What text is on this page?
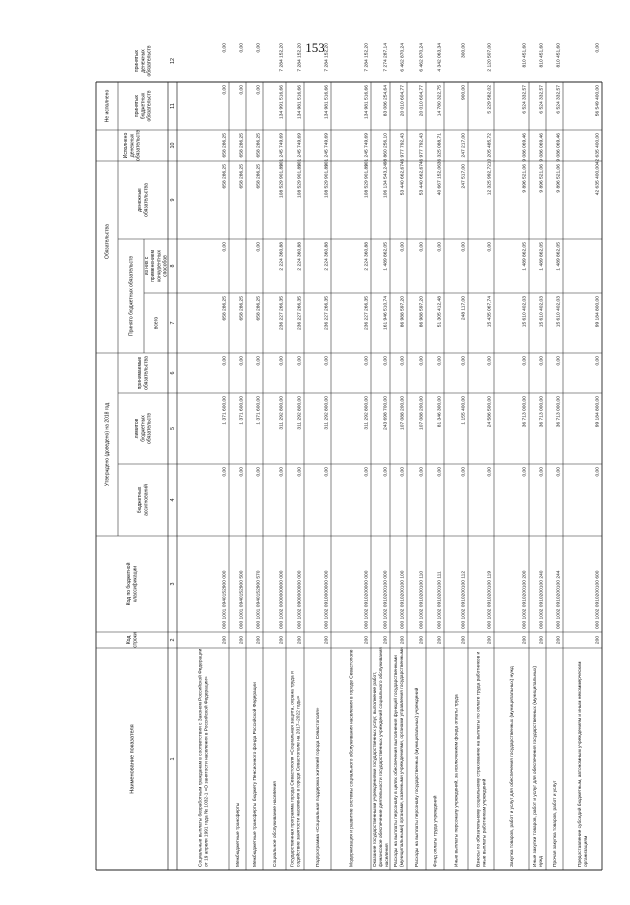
153
Наименование показателя
Код строки
Код по бюджетной классификации
Утверждено (доведено) на 2018 год
бюджетных ассигнований
лимитов бюджетных обязательств
принимаемые обязательства
Обязательства
Принято бюджетных обязательств	всего
из них с применением конкурентных способов
денежные обязательства
Исполнено денежных обязательств
Не исполнено	принятых бюджетных обязательств
принятых денежных обязательств
1
2
3
4
5
6
7
8
9
10
11
12
Социальные выплаты безработным гражданам в соответствии с Законом Российской Федерации от 19 апреля 1991 года № 1032-1 «О занятости населения в Российской Федерации»
200
000 1001 0940152900 000
0,00
1 371 600,00
0,00
658 286,25
0,00
658 286,25
658 286,25
0,00
0,00
Межбюджетные трансферты
200
000 1001 0940152900 500
0,00
1 371 600,00
0,00
658 286,25
658 286,25
658 286,25
0,00
0,00
Межбюджетные трансферты бюджету Пенсионного фонда Российской Федерации
200
000 1001 0940152900 570
0,00
1 371 600,00
0,00
658 286,25
0,00
658 286,25
658 286,25
0,00
0,00
Социальное обслуживание населения
200
000 1002 0000000000 000
0,00
311 292 800,00
0,00
236 227 266,35
2 224 360,88
108 529 901,89
101 245 749,69
134 991 516,66
7 284 152,20
Государственная программа города Севастополя «Социальная защита, охрана труда и содействие занятости населения в городе Севастополе на 2017–2022 годы»
200
000 1002 0900000000 000
0,00
311 292 800,00
0,00
236 227 266,35
2 224 360,88
108 529 901,89
101 245 749,69
134 981 516,66
7 284 152,20
Подпрограмма «Социальная поддержка жителей города Севастополя»
200
000 1002 0910000000 000
0,00
311 292 800,00
0,00
236 227 266,35
2 224 360,88
108 529 901,89
101 245 749,69
134 981 516,66
7 284 152,20
Модернизация и развитие системы социального обслуживания населения в городе Севастополе
200
000 1002 0910200000 000
0,00
311 292 800,00
0,00
236 227 266,35
2 224 360,88
108 529 901,89
101 245 749,69
134 981 516,66
7 284 152,20
Оказание государственными учреждениями государственных услуг, выполнение работ, финансовое обеспечение деятельности государственных учреждений социального обслуживания населения
200
000 1002 0910200100 000
0,00
243 698 700,00
0,00
161 946 510,74
1 489 862,05
106 134 543,24
98 860 256,10
83 086 254,64
7 274 287,14
Расходы на выплаты персоналу в целях обеспечения выполнения функций государственными (муниципальными) органами, казенными учреждениями, органами управления государственными
200
000 1002 0910200100 100
0,00
107 088 200,00
0,00
86 988 597,20
0,00
53 440 662,67
46 977 792,43
20 010 604,77
6 462 870,24
Расходы на выплаты персоналу государственных (муниципальных) учреждений
200
000 1002 0910200100 110
0,00
107 088 200,00
0,00
86 988 597,20
0,00
53 440 662,67
46 977 792,43
20 010 604,77
6 462 870,24
Фонд оплаты труда учреждений
200
000 1002 0910200100 111
0,00
81 346 300,00
0,00
51 305 412,48
0,00
40 667 152,06
36 325 088,71
14 780 322,75
4 342 063,34
Иные выплаты персоналу учреждений, за исключением фонда оплаты труда
200
000 1002 0910200100 112
0,00
1 155 400,00
0,00
248 117,00
0,00
247 517,00
247 217,00
900,00
300,00
Взносы по обязательному социальному страхованию на выплаты по оплате труда работников и иные выплаты работникам учреждений
200
000 1002 0910200100 119
0,00
24 586 500,00
0,00
15 435 067,74
0,00
12 325 992,72
10 205 485,72
5 229 582,02
2 120 507,00
Закупка товаров, работ и услуг для обеспечения государственных (муниципальных) нужд
200
000 1002 0910200100 200
0,00
36 713 000,00
0,00
15 610 402,03
1 489 862,05
9 896 521,06
9 086 069,46
6 524 332,57
810 451,60
Иные закупки товаров, работ и услуг для обеспечения государственных (муниципальных) нужд
200
000 1002 0910200100 240
0,00
36 713 000,00
0,00
15 610 402,03
1 489 862,05
9 896 521,06
9 086 069,46
6 524 332,57
810 451,60
Прочая закупка товаров, работ и услуг
200
000 1002 0910200100 244
0,00
36 713 000,00
0,00
15 610 402,03
1 489 862,05
9 896 521,06
9 086 069,46
6 524 332,57
810 451,60
Предоставление субсидий бюджетным, автономным учреждениям и иным некоммерческим организациям
200
000 1002 0910200100 600
0,00
99 184 800,00
0,00
99 184 800,00
42 635 400,00
42 635 400,00
56 549 400,00
0,00
